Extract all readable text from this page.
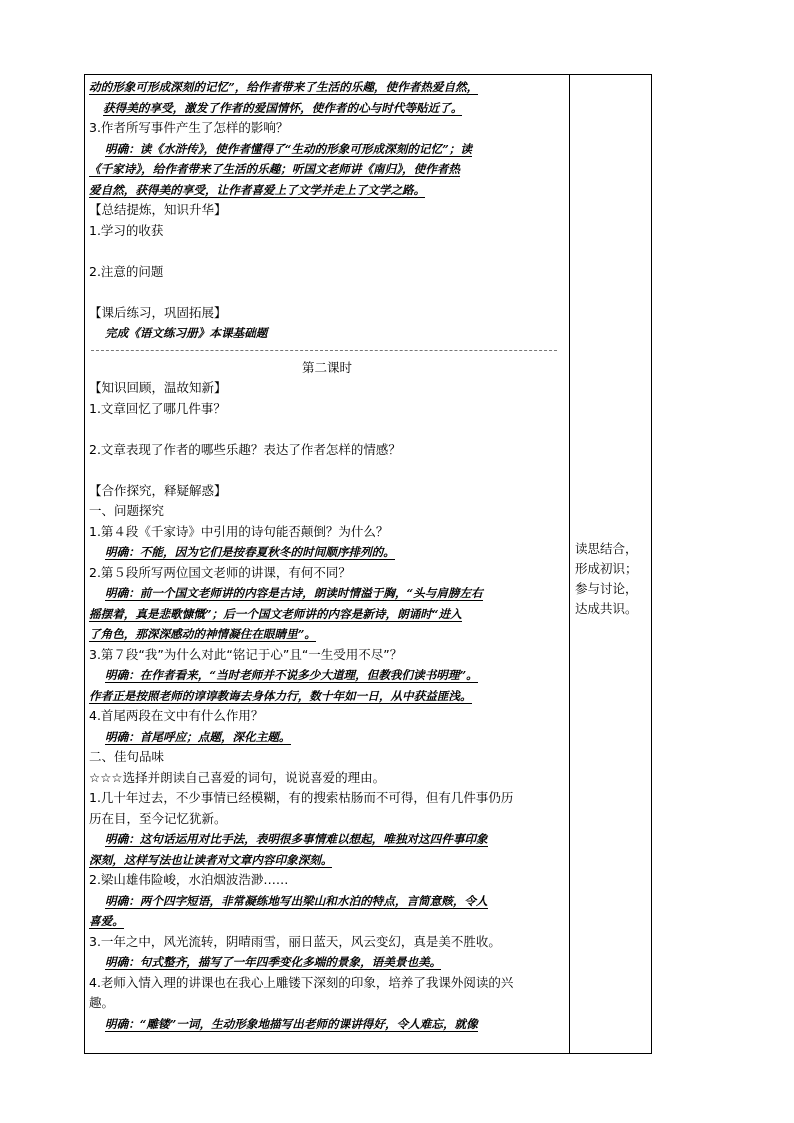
动的形象可形成深刻的记忆”，给作者带来了生活的乐趣，使作者热爱自然，
获得美的享受，激发了作者的爱国情怀，使作者的心与时代等贴近了。
3.作者所写事件产生了怎样的影响？
明确：读《水浒传》，使作者懂得了“生动的形象可形成深刻的记忆”；读
《千家诗》，给作者带来了生活的乐趣；听国文老师讲《南归》，使作者热
爱自然，获得美的享受，让作者喜爱上了文学并走上了文学之路。
【总结提炼，知识升华】
1.学习的收获
2.注意的问题
【课后练习，巩固拓展】
完成《语文练习册》本课基础题
第二课时
【知识回顾，温故知新】
1.文章回忆了哪几件事？
2.文章表现了作者的哪些乐趣？表达了作者怎样的情感？
【合作探究，释疑解惑】
一、问题探究
1.第４段《千家诗》中引用的诗句能否颠倒？为什么？
明确：不能，因为它们是按春夏秋冬的时间顺序排列的。
2.第５段所写两位国文老师的讲课，有何不同？
明确：前一个国文老师讲的内容是古诗，朗读时情溢于胸，“头与肩膀左右
摇摆着，真是悲歌慷慨”；后一个国文老师讲的内容是新诗，朗诵时“进入
了角色，那深深感动的神情凝住在眼睛里”。
3.第７段“我”为什么对此“铭记于心”且“一生受用不尽”？
明确：在作者看来，“当时老师并不说多少大道理，但教我们读书明理”。
作者正是按照老师的谆谆教诲去身体力行，数十年如一日，从中获益匪浅。
4.首尾两段在文中有什么作用？
明确：首尾呼应；点题，深化主题。
二、佳句品味
☆☆☆选择并朗读自己喜爱的词句，说说喜爱的理由。
1.几十年过去，不少事情已经模糊，有的搜索枯肠而不可得，但有几件事仍历
历在目，至今记忆犹新。
明确：这句话运用对比手法，表明很多事情难以想起，唯独对这四件事印象
深刻，这样写法也让读者对文章内容印象深刻。
2.梁山雄伟险峻，水泊烟波浩渺……
明确：两个四字短语，非常凝练地写出梁山和水泊的特点，言简意赅，令人
喜爱。
3.一年之中，风光流转，阴晴雨雪，丽日蓝天，风云变幻，真是美不胜收。
明确：句式整齐，描写了一年四季变化多端的景象，语美景也美。
4.老师入情入理的讲课也在我心上雕镂下深刻的印象，培养了我课外阅读的兴
趣。
明确：“雕镂”一词，生动形象地描写出老师的课讲得好，令人难忘，就像
读思结合，
形成初识；
参与讨论，
达成共识。
